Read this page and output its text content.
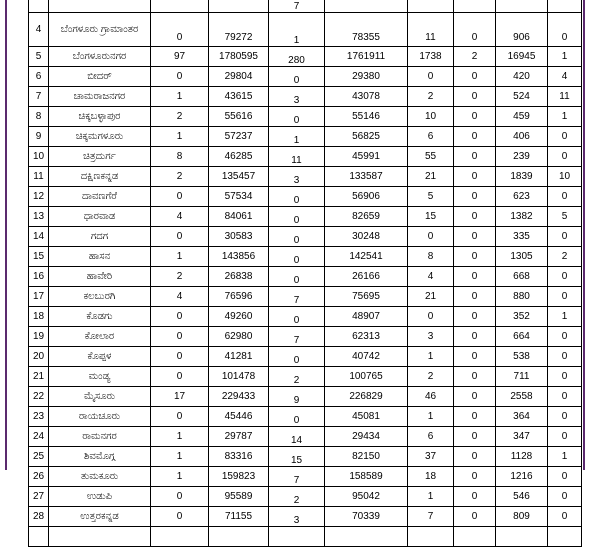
				7					
4	ಬೆಂಗಳೂರು ಗ್ರಾಮಾಂತರ	0	79272	1	78355	11	0	906	0
5	ಬೆಂಗಳೂರುನಗರ	97	1780595	280	1761911	1738	2	16945	1
6	ಬೀದರ್	0	29804	0	29380	0	0	420	4
7	ಚಾಮರಾಜನಗರ	1	43615	3	43078	2	0	524	11
8	ಚಿಕ್ಕಬಳ್ಳಾಪುರ	2	55616	0	55146	10	0	459	1
9	ಚಿಕ್ಕಮಗಳೂರು	1	57237	1	56825	6	0	406	0
10	ಚಿತ್ರದುರ್ಗ	8	46285	11	45991	55	0	239	0
11	ದಕ್ಷಿಣಕನ್ನಡ	2	135457	3	133587	21	0	1839	10
12	ದಾವಣಗೆರೆ	0	57534	0	56906	5	0	623	0
13	ಧಾರವಾಡ	4	84061	0	82659	15	0	1382	5
14	ಗದಗ	0	30583	0	30248	0	0	335	0
15	ಹಾಸನ	1	143856	0	142541	8	0	1305	2
16	ಹಾವೇರಿ	2	26838	0	26166	4	0	668	0
17	ಕಲಬುರಗಿ	4	76596	7	75695	21	0	880	0
18	ಕೊಡಗು	0	49260	0	48907	0	0	352	1
19	ಕೋಲಾರ	0	62980	7	62313	3	0	664	0
20	ಕೊಪ್ಪಳ	0	41281	0	40742	1	0	538	0
21	ಮಂಡ್ಯ	0	101478	2	100765	2	0	711	0
22	ಮೈಸೂರು	17	229433	9	226829	46	0	2558	0
23	ರಾಯಚೂರು	0	45446	0	45081	1	0	364	0
24	ರಾಮನಗರ	1	29787	14	29434	6	0	347	0
25	ಶಿವಮೊಗ್ಗ	1	83316	15	82150	37	0	1128	1
26	ತುಮಕೂರು	1	159823	7	158589	18	0	1216	0
27	ಉಡುಪಿ	0	95589	2	95042	1	0	546	0
28	ಉತ್ತರಕನ್ನಡ	0	71155	3	70339	7	0	809	0
